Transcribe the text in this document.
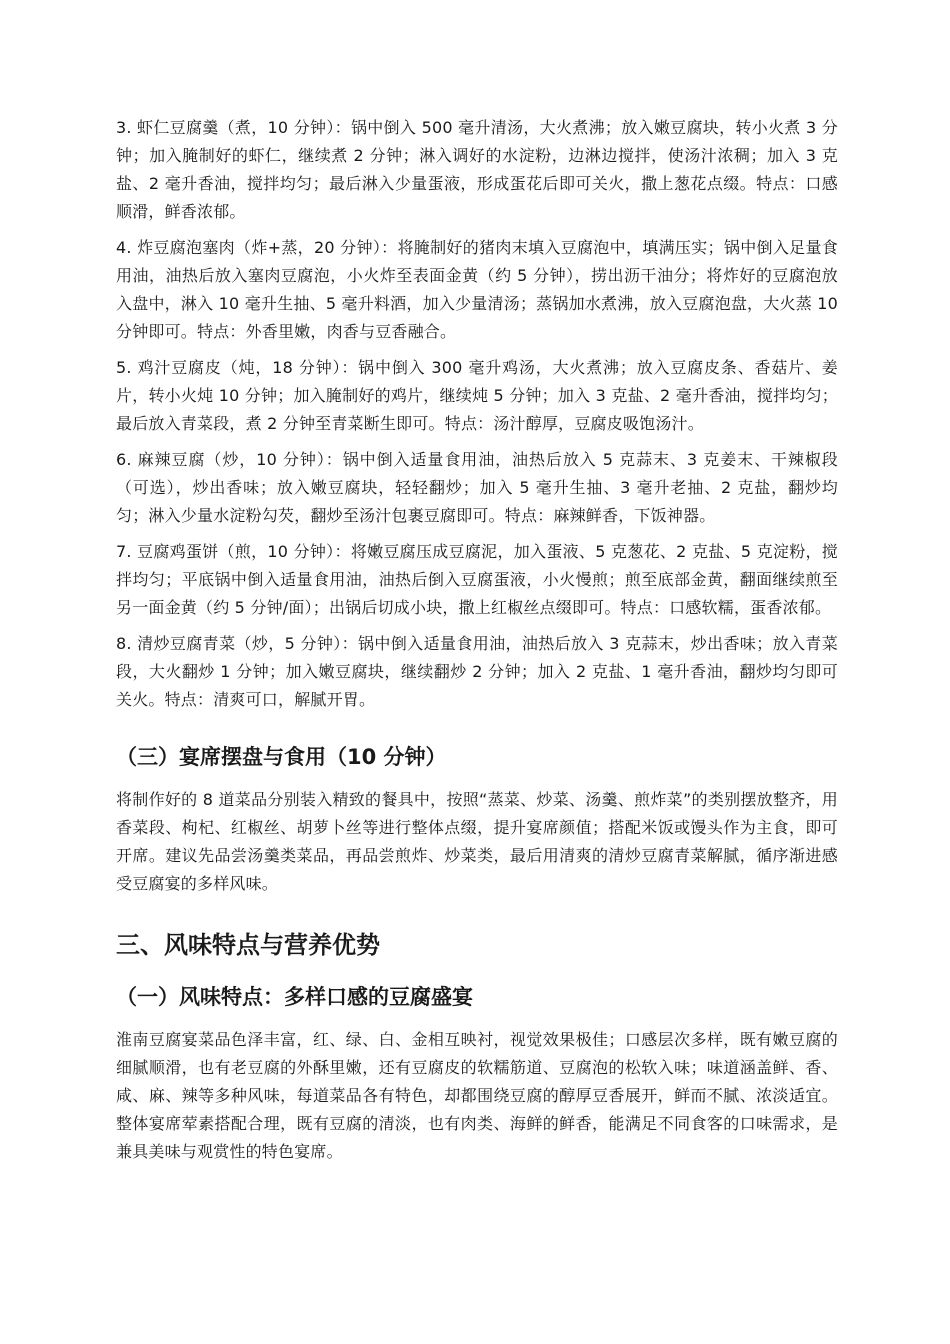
3. 虾仁豆腐羹（煮，10 分钟）：锅中倒入 500 毫升清汤，大火煮沸；放入嫩豆腐块，转小火煮 3 分钟；加入腌制好的虾仁，继续煮 2 分钟；淋入调好的水淀粉，边淋边搅拌，使汤汁浓稠；加入 3 克盐、2 毫升香油，搅拌均匀；最后淋入少量蛋液，形成蛋花后即可关火，撒上葱花点缀。特点：口感顺滑，鲜香浓郁。

4. 炸豆腐泡塞肉（炸+蒸，20 分钟）：将腌制好的猪肉末填入豆腐泡中，填满压实；锅中倒入足量食用油，油热后放入塞肉豆腐泡，小火炸至表面金黄（约 5 分钟），捞出沥干油分；将炸好的豆腐泡放入盘中，淋入 10 毫升生抽、5 毫升料酒，加入少量清汤；蒸锅加水煮沸，放入豆腐泡盘，大火蒸 10 分钟即可。特点：外香里嫩，肉香与豆香融合。

5. 鸡汁豆腐皮（炖，18 分钟）：锅中倒入 300 毫升鸡汤，大火煮沸；放入豆腐皮条、香菇片、姜片，转小火炖 10 分钟；加入腌制好的鸡片，继续炖 5 分钟；加入 3 克盐、2 毫升香油，搅拌均匀；最后放入青菜段，煮 2 分钟至青菜断生即可。特点：汤汁醇厚，豆腐皮吸饱汤汁。

6. 麻辣豆腐（炒，10 分钟）：锅中倒入适量食用油，油热后放入 5 克蒜末、3 克姜末、干辣椒段（可选），炒出香味；放入嫩豆腐块，轻轻翻炒；加入 5 毫升生抽、3 毫升老抽、2 克盐，翻炒均匀；淋入少量水淀粉勾芡，翻炒至汤汁包裹豆腐即可。特点：麻辣鲜香，下饭神器。

7. 豆腐鸡蛋饼（煎，10 分钟）：将嫩豆腐压成豆腐泥，加入蛋液、5 克葱花、2 克盐、5 克淀粉，搅拌均匀；平底锅中倒入适量食用油，油热后倒入豆腐蛋液，小火慢煎；煎至底部金黄，翻面继续煎至另一面金黄（约 5 分钟/面）；出锅后切成小块，撒上红椒丝点缀即可。特点：口感软糯，蛋香浓郁。

8. 清炒豆腐青菜（炒，5 分钟）：锅中倒入适量食用油，油热后放入 3 克蒜末，炒出香味；放入青菜段，大火翻炒 1 分钟；加入嫩豆腐块，继续翻炒 2 分钟；加入 2 克盐、1 毫升香油，翻炒均匀即可关火。特点：清爽可口，解腻开胃。

（三）宴席摆盘与食用（10 分钟）

将制作好的 8 道菜品分别装入精致的餐具中，按照“蒸菜、炒菜、汤羹、煎炸菜”的类别摆放整齐，用香菜段、枸杞、红椒丝、胡萝卜丝等进行整体点缀，提升宴席颜值；搭配米饭或馒头作为主食，即可开席。建议先品尝汤羹类菜品，再品尝煎炸、炒菜类，最后用清爽的清炒豆腐青菜解腻，循序渐进感受豆腐宴的多样风味。

三、风味特点与营养优势
（一）风味特点：多样口感的豆腐盛宴

淮南豆腐宴菜品色泽丰富，红、绿、白、金相互映衬，视觉效果极佳；口感层次多样，既有嫩豆腐的细腻顺滑，也有老豆腐的外酥里嫩，还有豆腐皮的软糯筋道、豆腐泡的松软入味；味道涵盖鲜、香、咸、麻、辣等多种风味，每道菜品各有特色，却都围绕豆腐的醇厚豆香展开，鲜而不腻、浓淡适宜。整体宴席荤素搭配合理，既有豆腐的清淡，也有肉类、海鲜的鲜香，能满足不同食客的口味需求，是兼具美味与观赏性的特色宴席。
